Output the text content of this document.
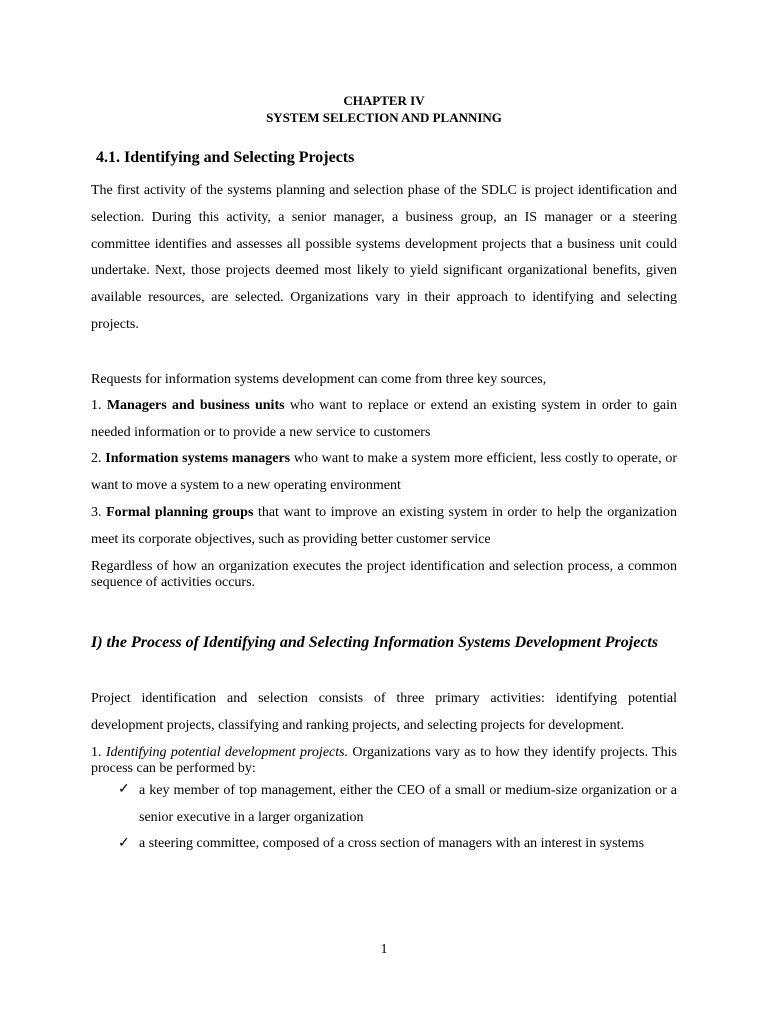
CHAPTER IV
SYSTEM SELECTION AND PLANNING
4.1. Identifying and Selecting Projects
The first activity of the systems planning and selection phase of the SDLC is project identification and selection. During this activity, a senior manager, a business group, an IS manager or a steering committee identifies and assesses all possible systems development projects that a business unit could undertake. Next, those projects deemed most likely to yield significant organizational benefits, given available resources, are selected. Organizations vary in their approach to identifying and selecting projects.
Requests for information systems development can come from three key sources,
1. Managers and business units who want to replace or extend an existing system in order to gain needed information or to provide a new service to customers
2. Information systems managers who want to make a system more efficient, less costly to operate, or want to move a system to a new operating environment
3. Formal planning groups that want to improve an existing system in order to help the organization meet its corporate objectives, such as providing better customer service
Regardless of how an organization executes the project identification and selection process, a common sequence of activities occurs.
I) the Process of Identifying and Selecting Information Systems Development Projects
Project identification and selection consists of three primary activities: identifying potential development projects, classifying and ranking projects, and selecting projects for development.
1. Identifying potential development projects. Organizations vary as to how they identify projects. This process can be performed by:
✓ a key member of top management, either the CEO of a small or medium-size organization or a senior executive in a larger organization
✓ a steering committee, composed of a cross section of managers with an interest in systems
1
